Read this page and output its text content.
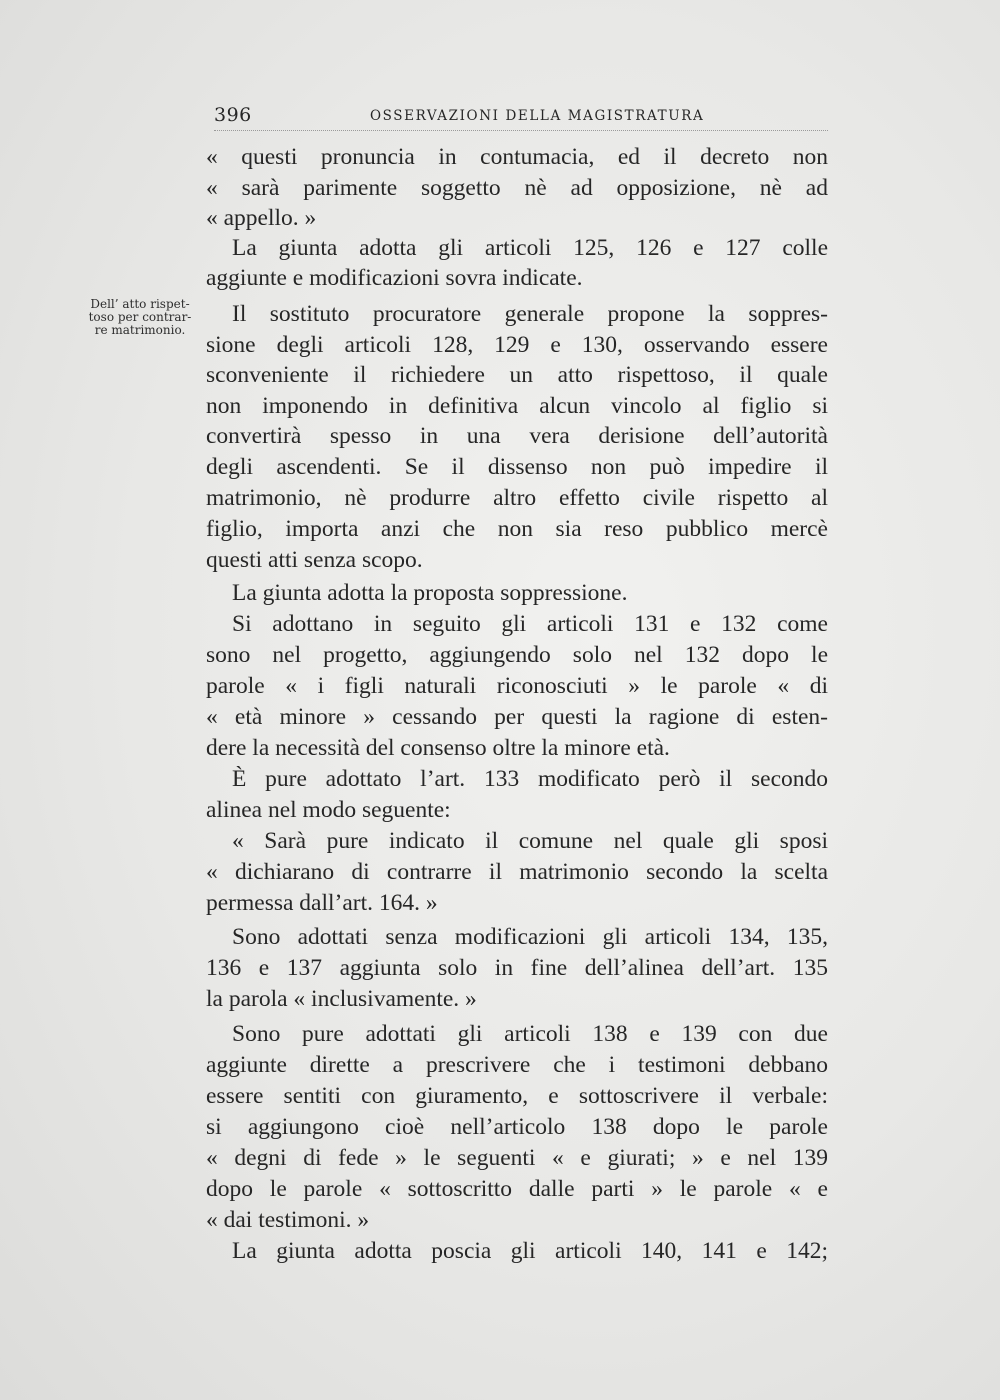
396	OSSERVAZIONI DELLA MAGISTRATURA
Dell’ atto rispet-
toso per contrar-
re matrimonio.
« questi pronuncia in contumacia, ed il decreto non
« sarà parimente soggetto nè ad opposizione, nè ad
« appello. »
La giunta adotta gli articoli 125, 126 e 127 colle
aggiunte e modificazioni sovra indicate.
Il sostituto procuratore generale propone la soppres-
sione degli articoli 128, 129 e 130, osservando essere
sconveniente il richiedere un atto rispettoso, il quale
non imponendo in definitiva alcun vincolo al figlio si
convertirà spesso in una vera derisione dell’autorità
degli ascendenti. Se il dissenso non può impedire il
matrimonio, nè produrre altro effetto civile rispetto al
figlio, importa anzi che non sia reso pubblico mercè
questi atti senza scopo.
La giunta adotta la proposta soppressione.
Si adottano in seguito gli articoli 131 e 132 come
sono nel progetto, aggiungendo solo nel 132 dopo le
parole « i figli naturali riconosciuti » le parole « di
« età minore » cessando per questi la ragione di esten-
dere la necessità del consenso oltre la minore età.
È pure adottato l’art. 133 modificato però il secondo
alinea nel modo seguente:
« Sarà pure indicato il comune nel quale gli sposi
« dichiarano di contrarre il matrimonio secondo la scelta
permessa dall’art. 164. »
Sono adottati senza modificazioni gli articoli 134, 135,
136 e 137 aggiunta solo in fine dell’alinea dell’art. 135
la parola « inclusivamente. »
Sono pure adottati gli articoli 138 e 139 con due
aggiunte dirette a prescrivere che i testimoni debbano
essere sentiti con giuramento, e sottoscrivere il verbale:
si aggiungono cioè nell’articolo 138 dopo le parole
« degni di fede » le seguenti « e giurati; » e nel 139
dopo le parole « sottoscritto dalle parti » le parole « e
« dai testimoni. »
La giunta adotta poscia gli articoli 140, 141 e 142;
